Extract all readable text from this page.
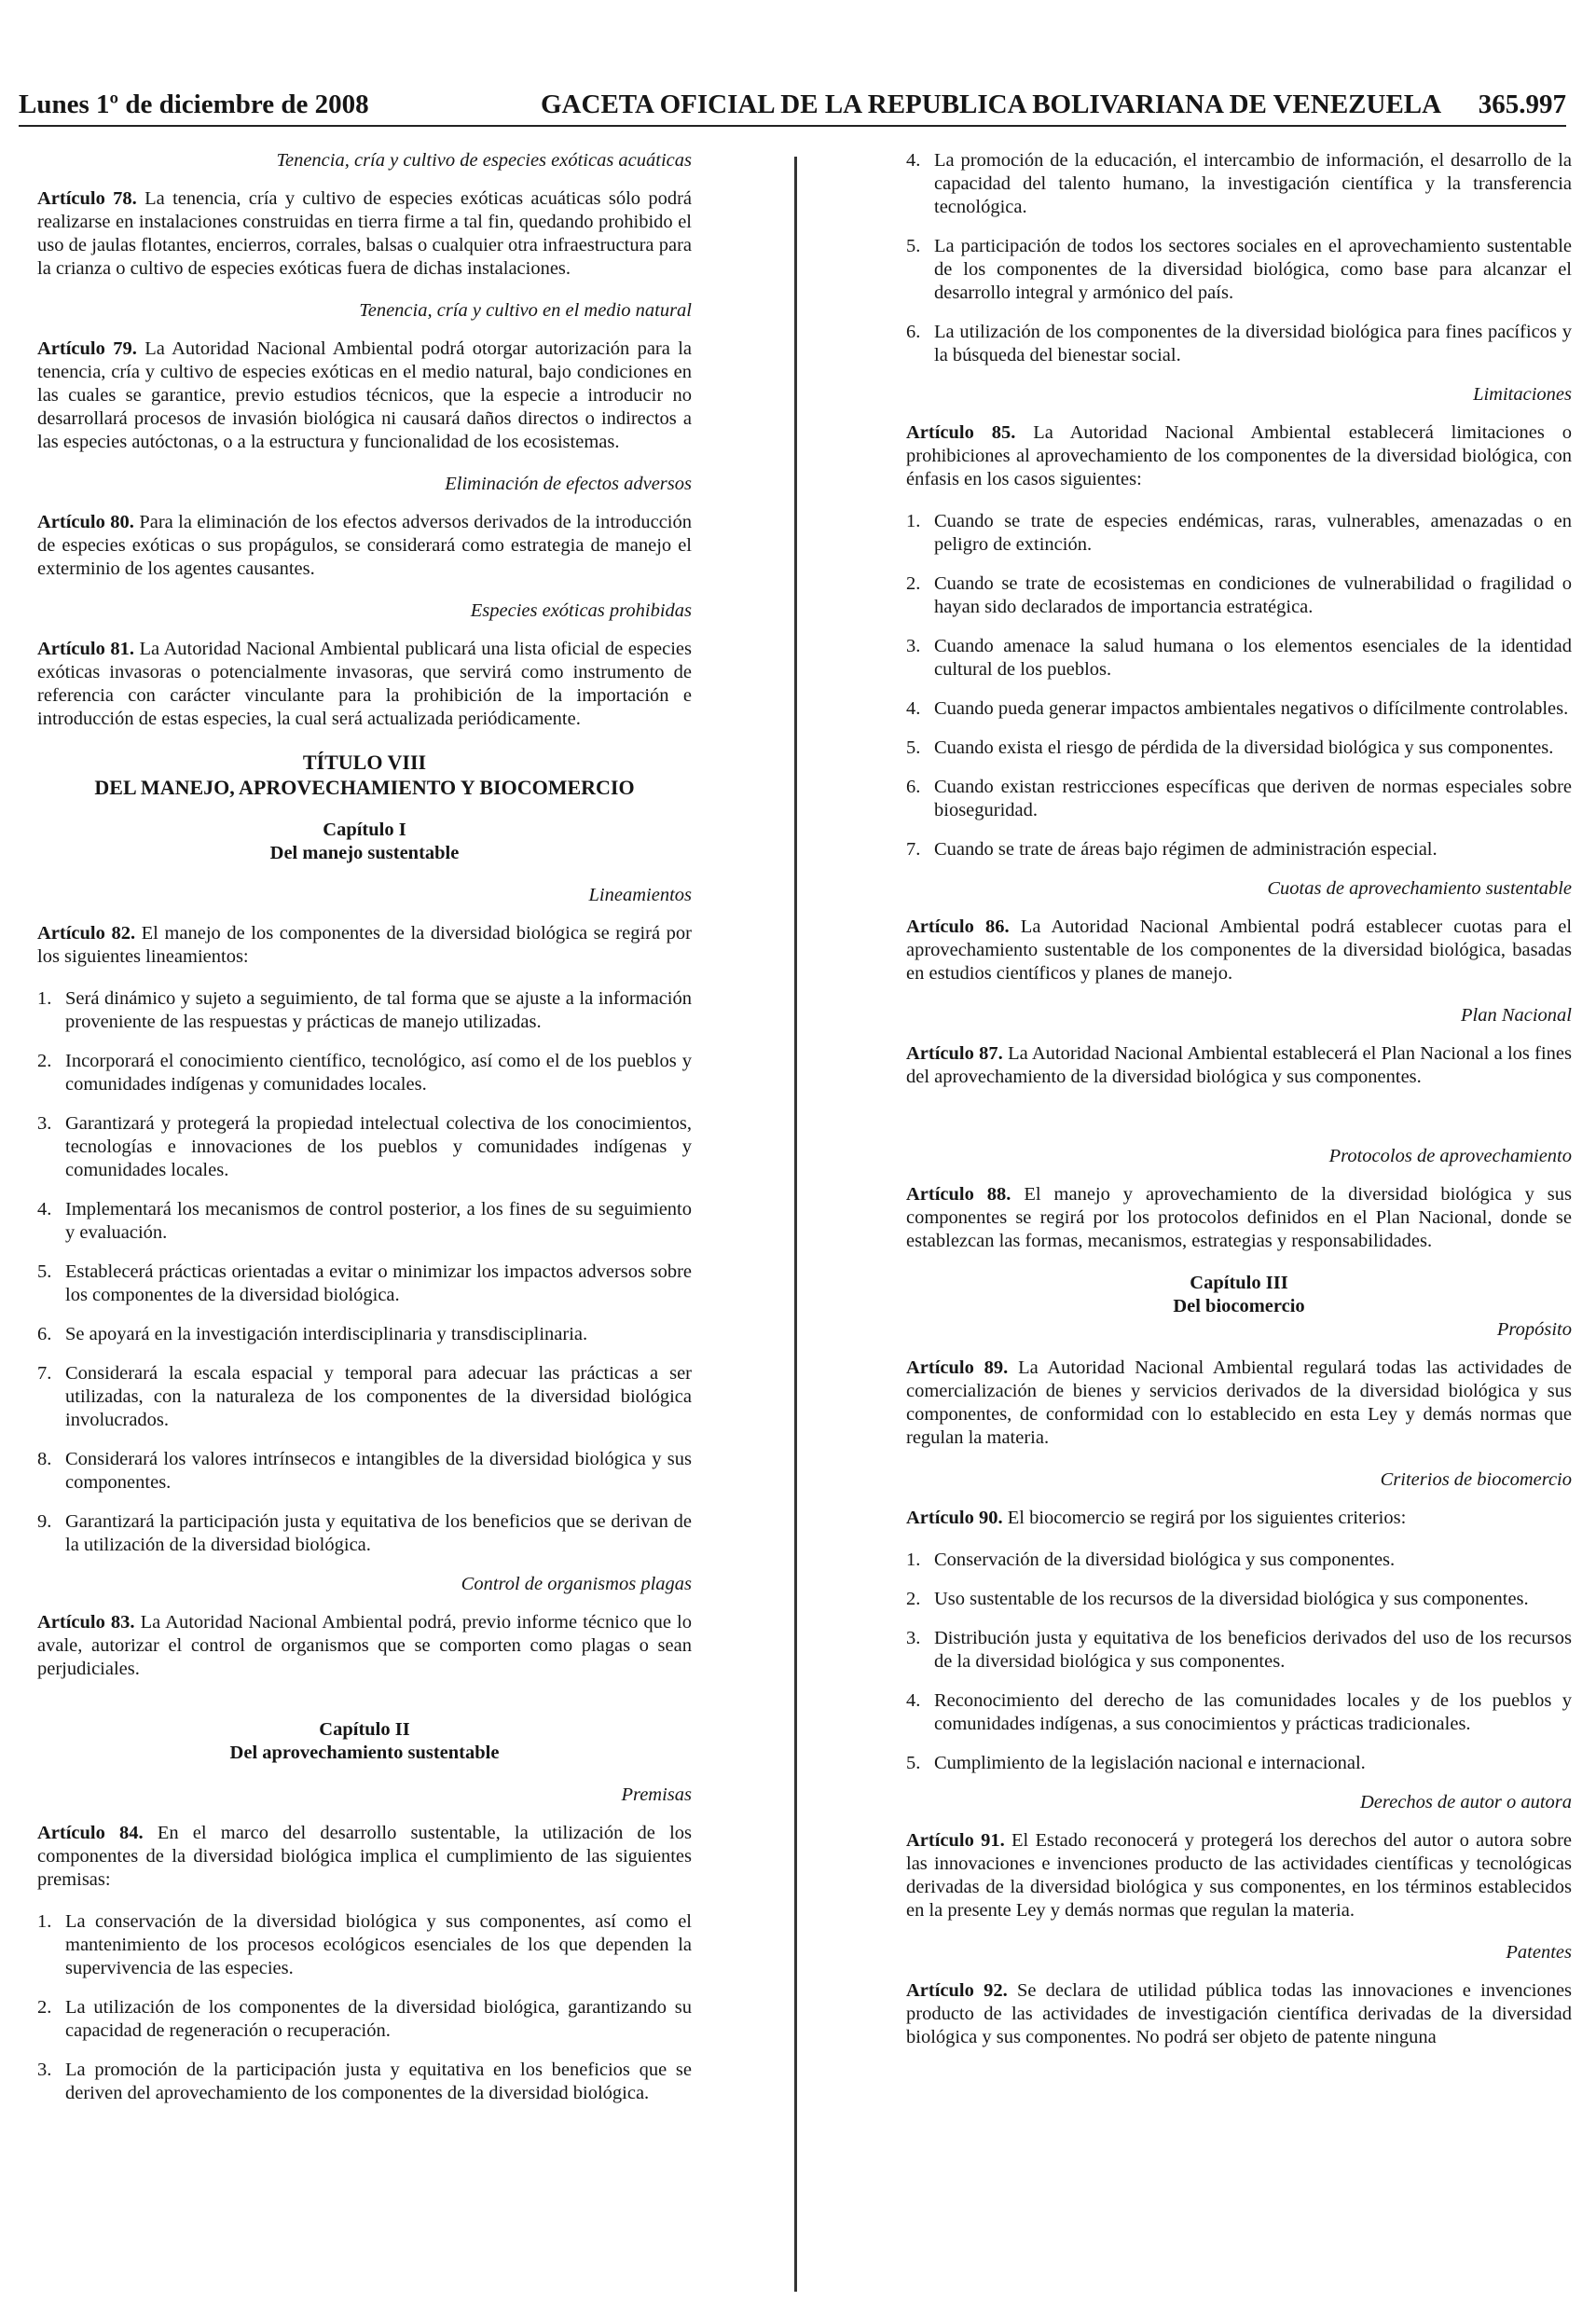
Lunes 1º de diciembre de 2008	GACETA OFICIAL DE LA REPUBLICA BOLIVARIANA DE VENEZUELA 365.997

Tenencia, cría y cultivo de especies exóticas acuáticas

Artículo 78. La tenencia, cría y cultivo de especies exóticas acuáticas sólo podrá realizarse en instalaciones construidas en tierra firme a tal fin, quedando prohibido el uso de jaulas flotantes, encierros, corrales, balsas o cualquier otra infraestructura para la crianza o cultivo de especies exóticas fuera de dichas instalaciones.

Tenencia, cría y cultivo en el medio natural

Artículo 79. La Autoridad Nacional Ambiental podrá otorgar autorización para la tenencia, cría y cultivo de especies exóticas en el medio natural, bajo condiciones en las cuales se garantice, previo estudios técnicos, que la especie a introducir no desarrollará procesos de invasión biológica ni causará daños directos o indirectos a las especies autóctonas, o a la estructura y funcionalidad de los ecosistemas.

Eliminación de efectos adversos

Artículo 80. Para la eliminación de los efectos adversos derivados de la introducción de especies exóticas o sus propágulos, se considerará como estrategia de manejo el exterminio de los agentes causantes.

Especies exóticas prohibidas

Artículo 81. La Autoridad Nacional Ambiental publicará una lista oficial de especies exóticas invasoras o potencialmente invasoras, que servirá como instrumento de referencia con carácter vinculante para la prohibición de la importación e introducción de estas especies, la cual será actualizada periódicamente.

TÍTULO VIII

DEL MANEJO, APROVECHAMIENTO Y BIOCOMERCIO

Capítulo I

Del manejo sustentable

Lineamientos

Artículo 82. El manejo de los componentes de la diversidad biológica se regirá por los siguientes lineamientos:

1. Será dinámico y sujeto a seguimiento, de tal forma que se ajuste a la información proveniente de las respuestas y prácticas de manejo utilizadas.
2. Incorporará el conocimiento científico, tecnológico, así como el de los pueblos y comunidades indígenas y comunidades locales.
3. Garantizará y protegerá la propiedad intelectual colectiva de los conocimientos, tecnologías e innovaciones de los pueblos y comunidades indígenas y comunidades locales.
4. Implementará los mecanismos de control posterior, a los fines de su seguimiento y evaluación.
5. Establecerá prácticas orientadas a evitar o minimizar los impactos adversos sobre los componentes de la diversidad biológica.
6. Se apoyará en la investigación interdisciplinaria y transdisciplinaria.
7. Considerará la escala espacial y temporal para adecuar las prácticas a ser utilizadas, con la naturaleza de los componentes de la diversidad biológica involucrados.
8. Considerará los valores intrínsecos e intangibles de la diversidad biológica y sus componentes.
9. Garantizará la participación justa y equitativa de los beneficios que se derivan de la utilización de la diversidad biológica.

Control de organismos plagas

Artículo 83. La Autoridad Nacional Ambiental podrá, previo informe técnico que lo avale, autorizar el control de organismos que se comporten como plagas o sean perjudiciales.

Capítulo II

Del aprovechamiento sustentable

Premisas

Artículo 84. En el marco del desarrollo sustentable, la utilización de los componentes de la diversidad biológica implica el cumplimiento de las siguientes premisas:

1. La conservación de la diversidad biológica y sus componentes, así como el mantenimiento de los procesos ecológicos esenciales de los que dependen la supervivencia de las especies.
2. La utilización de los componentes de la diversidad biológica, garantizando su capacidad de regeneración o recuperación.
3. La promoción de la participación justa y equitativa en los beneficios que se deriven del aprovechamiento de los componentes de la diversidad biológica.
4. La promoción de la educación, el intercambio de información, el desarrollo de la capacidad del talento humano, la investigación científica y la transferencia tecnológica.
5. La participación de todos los sectores sociales en el aprovechamiento sustentable de los componentes de la diversidad biológica, como base para alcanzar el desarrollo integral y armónico del país.
6. La utilización de los componentes de la diversidad biológica para fines pacíficos y la búsqueda del bienestar social.

Limitaciones

Artículo 85. La Autoridad Nacional Ambiental establecerá limitaciones o prohibiciones al aprovechamiento de los componentes de la diversidad biológica, con énfasis en los casos siguientes:

1. Cuando se trate de especies endémicas, raras, vulnerables, amenazadas o en peligro de extinción.
2. Cuando se trate de ecosistemas en condiciones de vulnerabilidad o fragilidad o hayan sido declarados de importancia estratégica.
3. Cuando amenace la salud humana o los elementos esenciales de la identidad cultural de los pueblos.
4. Cuando pueda generar impactos ambientales negativos o difícilmente controlables.
5. Cuando exista el riesgo de pérdida de la diversidad biológica y sus componentes.
6. Cuando existan restricciones específicas que deriven de normas especiales sobre bioseguridad.
7. Cuando se trate de áreas bajo régimen de administración especial.

Cuotas de aprovechamiento sustentable

Artículo 86. La Autoridad Nacional Ambiental podrá establecer cuotas para el aprovechamiento sustentable de los componentes de la diversidad biológica, basadas en estudios científicos y planes de manejo.

Plan Nacional

Artículo 87. La Autoridad Nacional Ambiental establecerá el Plan Nacional a los fines del aprovechamiento de la diversidad biológica y sus componentes.

Protocolos de aprovechamiento

Artículo 88. El manejo y aprovechamiento de la diversidad biológica y sus componentes se regirá por los protocolos definidos en el Plan Nacional, donde se establezcan las formas, mecanismos, estrategias y responsabilidades.

Capítulo III

Del biocomercio

Propósito

Artículo 89. La Autoridad Nacional Ambiental regulará todas las actividades de comercialización de bienes y servicios derivados de la diversidad biológica y sus componentes, de conformidad con lo establecido en esta Ley y demás normas que regulan la materia.

Criterios de biocomercio

Artículo 90. El biocomercio se regirá por los siguientes criterios:

1. Conservación de la diversidad biológica y sus componentes.
2. Uso sustentable de los recursos de la diversidad biológica y sus componentes.
3. Distribución justa y equitativa de los beneficios derivados del uso de los recursos de la diversidad biológica y sus componentes.
4. Reconocimiento del derecho de las comunidades locales y de los pueblos y comunidades indígenas, a sus conocimientos y prácticas tradicionales.
5. Cumplimiento de la legislación nacional e internacional.

Derechos de autor o autora

Artículo 91. El Estado reconocerá y protegerá los derechos del autor o autora sobre las innovaciones e invenciones producto de las actividades científicas y tecnológicas derivadas de la diversidad biológica y sus componentes, en los términos establecidos en la presente Ley y demás normas que regulan la materia.

Patentes

Artículo 92. Se declara de utilidad pública todas las innovaciones e invenciones producto de las actividades de investigación científica derivadas de la diversidad biológica y sus componentes. No podrá ser objeto de patente ninguna
